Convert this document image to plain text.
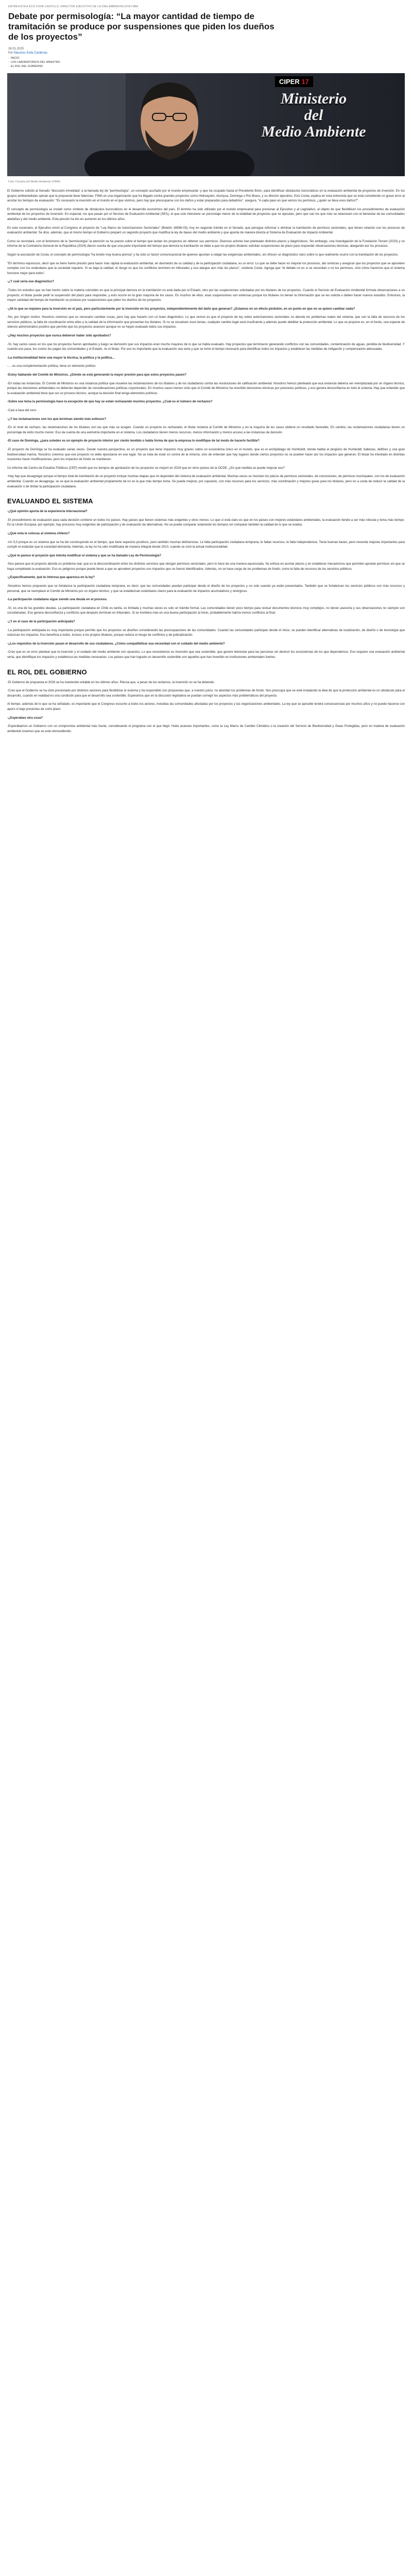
ENTREVISTA A ECO COOK-CASTILLO, DIRECTOR EJECUTIVO DE LA ONG AMBIENTALISTA FIMA
Debate por permisología: “La mayor cantidad de tiempo de tramitación se produce por suspensiones que piden los dueños de los proyectos”
28.01.2025
Por Mauricio Ávila Cárdenas
· INICIO
· LOS LABORATORIOS DEL MINISTRO
· EL ROL DEL GOBIERNO
CIPER 17
Ministerio
del
Medio Ambiente
Foto: Fiscalía del Medio Ambiente (FIMA)

El Gobierno solicitó al Senado “discusión inmediata” a la llamada ley de “permisología”, un concepto acuñado por el mundo empresarial -y que ha ocupado hasta el Presidente Boric- para identificar obstáculos burocráticos en la evaluación ambiental de proyectos de inversión. En los grupos ambientalistas opinan que la propuesta tiene falencias. FIMA es una organización que ha litigado contra grandes proyectos como Hidroaysén, Alumysa, Dominga o Río Bravo, y su director ejecutivo, Ezio Costa, explica en esta entrevista que se está cometiendo un grave error al acortar los tiempos de evaluación: “Es necesario la inversión en el mundo en el que vivimos, pero hay que preocuparse con los daños y estar preparados para debatirlos”, asegura. “A cada paso en que vemos los permisos, ¿quién se lleva esos daños?”.

El concepto de permisología se instaló como símbolo de obstáculos burocráticos en el desarrollo económico del país. El término ha sido utilizado por el mundo empresarial para presionar al Ejecutivo y al Legislativo, al objeto de que flexibilicen los procedimientos de evaluación ambiental de los proyectos de inversión. En especial, los que pasan por el Servicio de Evaluación Ambiental (SEA), el que solo interviene un porcentaje menor de la totalidad de proyectos que se ejecutan, pero que son los que más se relacionan con el bienestar de las comunidades aledañas y del medio ambiente. Esta presión ha ido en aumento en los últimos años.

En este escenario, el Ejecutivo envió al Congreso el proyecto de “Ley Marco de Autorizaciones Sectoriales” (Boletín 16566-03), hoy en segundo trámite en el Senado, que persigue reformar o eliminar la tramitación de permisos sectoriales, que tienen relación con los procesos de evaluación ambiental. Se dice, además, que al mismo tiempo el Gobierno preparó un segundo proyecto que modifica la ley de bases del medio ambiente y que apunta de manera directa al Sistema de Evaluación de Impacto Ambiental.

Como se recordará, con el fenómeno de la “permisología” la atención se ha puesto sobre el tiempo que tardan los proyectos en obtener sus permisos. Diversos actores han planteado distintos plazos y diagnósticos. Sin embargo, una investigación de la Fundación Terram (2023) y un informe de la Contraloría General de la República (2024) dieron cuenta de que una parte importante del tiempo que demora la tramitación se debe a que los propios titulares solicitan suspensiones de plazo para responder observaciones técnicas, alargando así los procesos.

Según la asociación de Costa, el concepto de permisología “ha tenido muy buena prensa” y ha sido un factor comunicacional de quienes apuntan a relajar las exigencias ambientales, sin ofrecer un diagnóstico claro sobre lo que realmente ocurre con la tramitación de los proyectos.

“En términos equívocos, decir que se tiene fuerte presión para hacer más rápida la evaluación ambiental, en desmedro de su calidad y de la participación ciudadana, es un error. Lo que se debe hacer es mejorar los procesos, dar certezas y asegurar que los proyectos que se aprueben cumplan con los estándares que la sociedad requiere. Si se baja la calidad, el riesgo es que los conflictos terminen en tribunales y eso alargue aún más los plazos”, sostiene Costa. Agrega que “el debate no es si se necesitan o no los permisos, sino cómo hacemos que el sistema funcione mejor para todos”.

-¿Y cuál sería ese diagnóstico?

-Todos los estudios que se han hecho sobre la materia coinciden en que la principal demora en la tramitación no está dada por el Estado, sino por las suspensiones solicitadas por los titulares de los proyectos. Cuando el Servicio de Evaluación Ambiental formula observaciones a un proyecto, el titular puede pedir la suspensión del plazo para responder, y esto ocurre en la gran mayoría de los casos. En muchos de ellos, esas suspensiones son extensas porque los titulares no tienen la información que se les solicita o deben hacer nuevos estudios. Entonces, la mayor cantidad del tiempo de tramitación se produce por suspensiones que piden los dueños de los proyectos.

-¿Ni lo que se requiere para la inversión en el país, pero particularmente por la inversión en los proyectos, independientemente del daño que generan? ¿Estamos en un efecto pindulón, en un punto en que no se quiere cambiar nada?

-No, por ningún motivo. Nosotros creemos que es necesario cambiar cosas, pero hay que hacerlo con un buen diagnóstico. Lo que vemos es que el proyecto de ley sobre autorizaciones sectoriales no aborda los problemas reales del sistema, que son la falta de recursos de los servicios públicos, la falta de coordinación entre ellos y la calidad de la información que presentan los titulares. Si no se resuelven esos temas, cualquier cambio legal será insuficiente y además puede debilitar la protección ambiental. Lo que se propone es, en el fondo, una especie de silencio administrativo positivo que permite que los proyectos avancen aunque no se hayan evaluado todos sus impactos.

-¿Hay muchos proyectos que nunca debieron haber sido aprobados?

-Sí, hay varios casos en los que los proyectos fueron aprobados y luego se demostró que sus impactos eran mucho mayores de lo que se había evaluado. Hay proyectos que terminaron generando conflictos con las comunidades, contaminación de aguas, pérdida de biodiversidad. Y cuando eso pasa, los costos los pagan las comunidades y el Estado, no el titular. Por eso es importante que la evaluación sea seria y que se tome el tiempo necesario para identificar todos los impactos y establecer las medidas de mitigación y compensación adecuadas.

-La institucionalidad tiene una mayor la técnica, la política y la política…

-… es una complementación política, tiene un elemento político.

-Estoy hablando del Comité de Ministros. ¿Dónde se está generando la mayor presión para que estos proyectos pasen?

-En todas las instancias. El Comité de Ministros es una instancia política que resuelve las reclamaciones de los titulares y de los ciudadanos contra las resoluciones de calificación ambiental. Nosotros hemos planteado que esa instancia debería ser reemplazada por un órgano técnico, porque las decisiones ambientales no deberían depender de consideraciones políticas coyunturales. En muchos casos hemos visto que el Comité de Ministros ha revertido decisiones técnicas por presiones políticas, y eso genera desconfianza en todo el sistema. Hay que entender que la evaluación ambiental tiene que ser un proceso técnico, aunque la decisión final tenga elementos políticos.

-Sobre ese tema la permisología hace la excepción de que hay se están rechazando muchos proyectos. ¿Cuál es el número de rechazos?

-Casi a tasa del cero.

-¿Y las reclamaciones son los que terminan siendo más exitosos?

-En el nivel de rechazo, las reclamaciones de los titulares son las que más se acogen. Cuando un proyecto es rechazado, el titular reclama al Comité de Ministros y en la mayoría de los casos obtiene un resultado favorable. En cambio, las reclamaciones ciudadanas tienen un porcentaje de éxito mucho menor. Eso da cuenta de una asimetría importante en el sistema. Los ciudadanos tienen menos recursos, menos información y menos acceso a las instancias de decisión.

-El caso de Dominga, ¿para ustedes es un ejemplo de proyecto interior por ciento tendido o habla forma de que la empresa lo modifique de tal modo de hacerlo factible?

-El proyecto de Dominga se ha evaluado varias veces. Desde nuestra perspectiva, es un proyecto que tiene impactos muy graves sobre un ecosistema único en el mundo, que es el archipiélago de Humboldt, donde habita el pingüino de Humboldt, ballenas, delfines y una gran biodiversidad marina. Nosotros creemos que ese proyecto no debe ejecutarse en ese lugar. No se trata de estar en contra de la minería, sino de entender que hay lugares donde ciertos proyectos no se pueden hacer por los impactos que generan. El titular ha intentado en distintas ocasiones hacer modificaciones, pero los impactos de fondo se mantienen.

Un informe del Centro de Estudios Públicos (CEP) reveló que los tiempos de aprobación de los proyectos se mejoró en 2024 que en otros países de la OCDE. ¿En qué medida se puede mejorar eso?

-Hay hay que desagregar porque el tiempo total de tramitación de un proyecto incluye muchas etapas que no dependen del sistema de evaluación ambiental. Muchas veces se mezclan los plazos de permisos sectoriales, de concesiones, de permisos municipales, con los de evaluación ambiental. Cuando se desagrega, se ve que la evaluación ambiental propiamente tal no es la que más tiempo toma. Se puede mejorar, por supuesto, con más recursos para los servicios, más coordinación y mejores guías para los titulares, pero no a costa de reducir la calidad de la evaluación o de limitar la participación ciudadana.

EVALUANDO EL SISTEMA

-¿Qué opinión aporta de la experiencia internacional?

-El procedimiento de evaluación para cada decisión contiene un todos los países. Hay países que tienen sistemas más exigentes y otros menos. Lo que sí está claro es que en los países con mejores estándares ambientales, la evaluación tiende a ser más robusta y toma más tiempo. En la Unión Europea, por ejemplo, hay procesos muy exigentes de participación y de evaluación de alternativas. No se puede comparar solamente los tiempos sin comparar también la calidad de lo que se evalúa.

-¿Qué nota le colocas al sistema chileno?

-Un 5,0 porque es un sistema que se ha ido construyendo en el tiempo, que tiene aspectos positivos, pero también muchas deficiencias. Le falta participación ciudadana temprana, le faltan recursos, le falta independencia. Tiene buenas bases, pero necesita mejoras importantes para cumplir el estándar que la sociedad demanda. Además, la ley no ha sido modificada de manera integral desde 2010, cuando se creó la actual institucionalidad.

-¿Qué te parece el proyecto que intenta modificar el sistema y que se ha llamado Ley de Permisología?

-Nos parece que el proyecto aborda un problema real, que es la descoordinación entre los distintos servicios que otorgan permisos sectoriales, pero lo hace de una manera equivocada. Se enfoca en acortar plazos y en establecer mecanismos que permiten aprobar permisos sin que se haya completado la evaluación. Eso es peligroso porque puede llevar a que se aprueben proyectos con impactos que no fueron identificados. Además, no se hace cargo de los problemas de fondo, como la falta de recursos de los servicios públicos.

-¿Específicamente, qué te interesa que aparezca en la ley?

-Nosotros hemos propuesto que se fortalezca la participación ciudadana temprana, es decir, que las comunidades puedan participar desde el diseño de los proyectos y no solo cuando ya están presentados. También que se fortalezcan los servicios públicos con más recursos y personal, que se reemplace el Comité de Ministros por un órgano técnico, y que se establezcan estándares claros para la evaluación de impactos acumulativos y sinérgicos.

-La participación ciudadana sigue siendo una deuda en el proceso.

-Sí, es una de las grandes deudas. La participación ciudadana en Chile es tardía, es limitada y muchas veces es solo un trámite formal. Las comunidades tienen poco tiempo para revisar documentos técnicos muy complejos, no tienen asesoría y sus observaciones no siempre son consideradas. Eso genera desconfianza y conflictos que después terminan en tribunales. Si se invirtiera más en una buena participación al inicio, probablemente habría menos conflictos al final.

-¿Y en el caso de la participación anticipada?

-La participación anticipada es muy importante porque permite que los proyectos se diseñen considerando las preocupaciones de las comunidades. Cuando las comunidades participan desde el inicio, se pueden identificar alternativas de localización, de diseño o de tecnología que reduzcan los impactos. Eso beneficia a todos, incluso a los propios titulares, porque reduce el riesgo de conflictos y de judicialización.

-¿Los requisitos de la inversión pasan el desarrollo de sus ciudadanos. ¿Cómo compatibilizar esa necesidad con el cuidado del medio ambiente?

-Creo que es un error plantear que la inversión y el cuidado del medio ambiente son opuestos. Lo que necesitamos es inversión que sea sostenible, que genere bienestar para las personas sin destruir los ecosistemas de los que dependemos. Eso requiere una evaluación ambiental seria, que identifique los impactos y establezca las medidas necesarias. Los países que han logrado un desarrollo sostenible son aquellos que han invertido en instituciones ambientales fuertes.

EL ROL DEL GOBIERNO

-El Gobierno de propuesta el 2026 se ha mantenido estable en los últimos años. Piensa que, a pesar de los reclamos, la inversión no se ha detenido.

-Creo que el Gobierno se ha visto presionado por distintos sectores para flexibilizar el sistema y ha respondido con propuestas que, a nuestro juicio, no abordan los problemas de fondo. Nos preocupa que se esté instalando la idea de que la protección ambiental es un obstáculo para el desarrollo, cuando en realidad es una condición para que el desarrollo sea sostenible. Esperamos que en la discusión legislativa se puedan corregir los aspectos más problemáticos del proyecto.

Al tiempo, además de lo que se ha señalado, es importante que el Congreso escuche a todos los actores, incluidas las comunidades afectadas por los proyectos y las organizaciones ambientales. La ley que se apruebe tendrá consecuencias por muchos años y no puede hacerse con apuro ni bajo presiones de corto plazo.

-¿Esperabas otra cosa?

-Esperábamos un Gobierno con un compromiso ambiental más fuerte, considerando el programa con el que llegó. Hubo avances importantes, como la Ley Marco de Cambio Climático o la creación del Servicio de Biodiversidad y Áreas Protegidas, pero en materia de evaluación ambiental creemos que se está retrocediendo.
